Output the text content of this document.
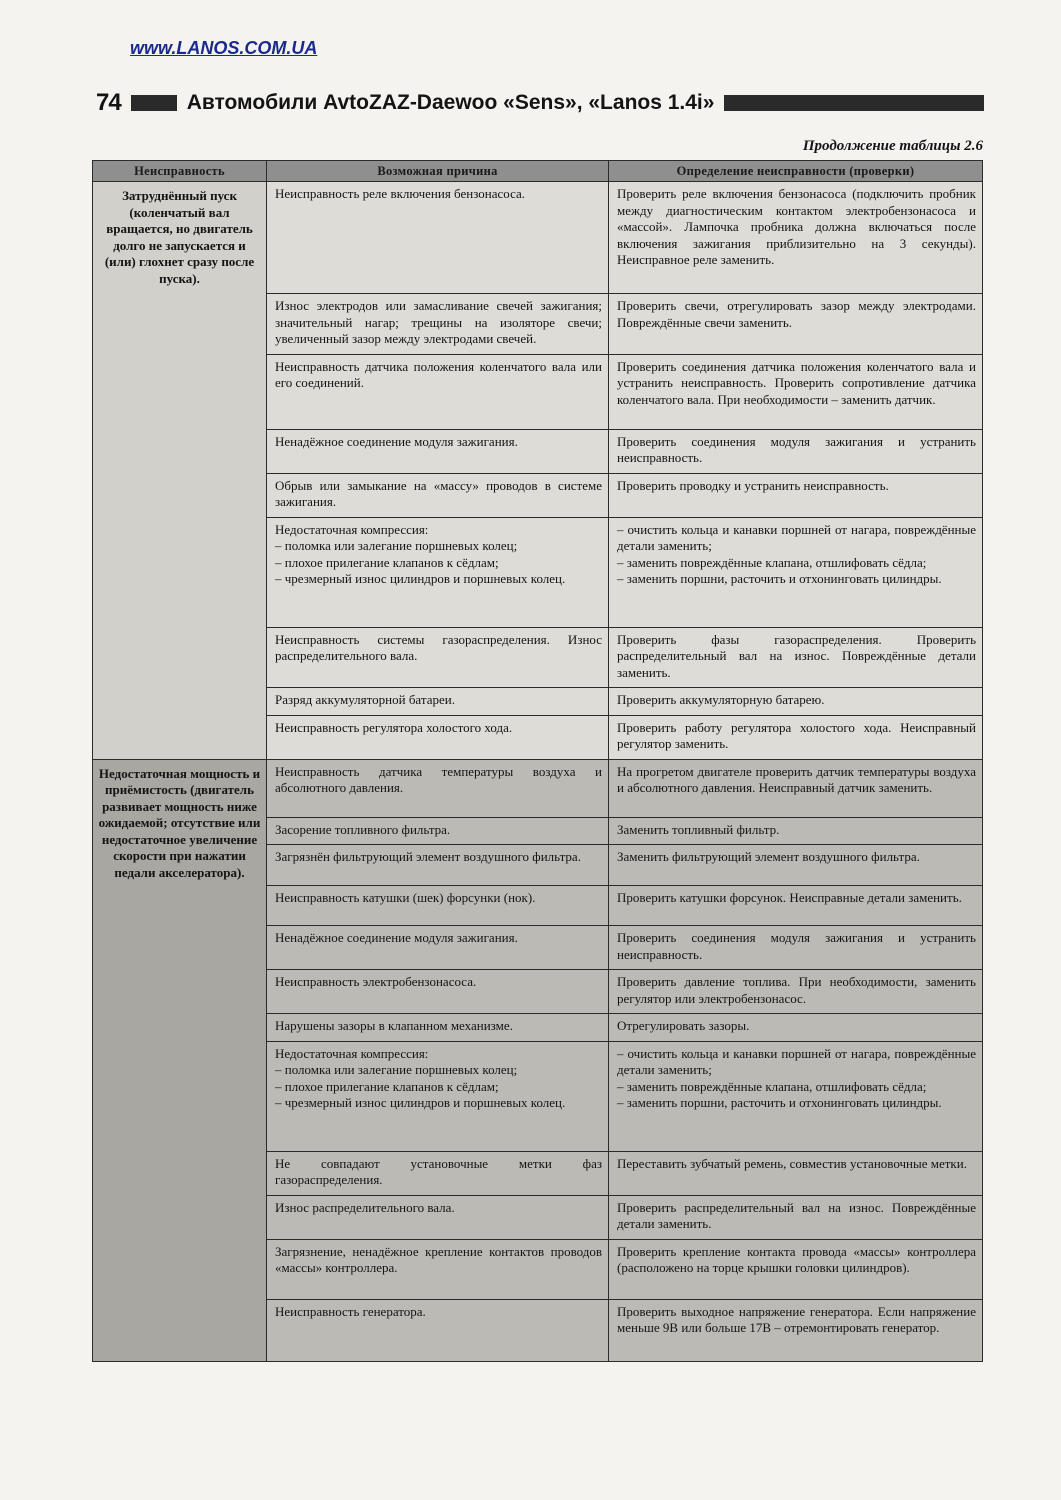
www.LANOS.COM.UA
74	Автомобили AvtoZAZ-Daewoo «Sens», «Lanos 1.4i»
Продолжение таблицы 2.6
Неисправность	Возможная причина	Определение неисправности (проверки)
Затруднённый пуск (коленчатый вал вращается, но двигатель долго не запускается и (или) глохнет сразу после пуска).	Неисправность реле включения бензонасоса.	Проверить реле включения бензонасоса (подключить пробник между диагностическим контактом электробензонасоса и «массой». Лампочка пробника должна включаться после включения зажигания приблизительно на 3 секунды). Неисправное реле заменить.

	Износ электродов или замасливание свечей зажигания; значительный нагар; трещины на изоляторе свечи; увеличенный зазор между электродами свечей.	Проверить свечи, отрегулировать зазор между электродами. Повреждённые свечи заменить.

	Неисправность датчика положения коленчатого вала или его соединений.	Проверить соединения датчика положения коленчатого вала и устранить неисправность. Проверить сопротивление датчика коленчатого вала. При необходимости – заменить датчик.

	Ненадёжное соединение модуля зажигания.	Проверить соединения модуля зажигания и устранить неисправность.

	Обрыв или замыкание на «массу» проводов в системе зажигания.	Проверить проводку и устранить неисправность.

	Недостаточная компрессия:
– поломка или залегание поршневых колец;
– плохое прилегание клапанов к сёдлам;
– чрезмерный износ цилиндров и поршневых колец.	– очистить кольца и канавки поршней от нагара, повреждённые детали заменить;
– заменить повреждённые клапана, отшлифовать сёдла;
– заменить поршни, расточить и отхонинговать цилиндры.

	Неисправность системы газораспределения. Износ распределительного вала.	Проверить фазы газораспределения. Проверить распределительный вал на износ. Повреждённые детали заменить.

	Разряд аккумуляторной батареи.	Проверить аккумуляторную батарею.

	Неисправность регулятора холостого хода.	Проверить работу регулятора холостого хода. Неисправный регулятор заменить.

Недостаточная мощность и приёмистость (двигатель развивает мощность ниже ожидаемой; отсутствие или недостаточное увеличение скорости при нажатии педали акселератора).	Неисправность датчика температуры воздуха и абсолютного давления.	На прогретом двигателе проверить датчик температуры воздуха и абсолютного давления. Неисправный датчик заменить.

	Засорение топливного фильтра.	Заменить топливный фильтр.

	Загрязнён фильтрующий элемент воздушного фильтра.	Заменить фильтрующий элемент воздушного фильтра.

	Неисправность катушки (шек) форсунки (нок).	Проверить катушки форсунок. Неисправные детали заменить.

	Ненадёжное соединение модуля зажигания.	Проверить соединения модуля зажигания и устранить неисправность.

	Неисправность электробензонасоса.	Проверить давление топлива. При необходимости, заменить регулятор или электробензонасос.

	Нарушены зазоры в клапанном механизме.	Отрегулировать зазоры.

	Недостаточная компрессия:
– поломка или залегание поршневых колец;
– плохое прилегание клапанов к сёдлам;
– чрезмерный износ цилиндров и поршневых колец.	– очистить кольца и канавки поршней от нагара, повреждённые детали заменить;
– заменить повреждённые клапана, отшлифовать сёдла;
– заменить поршни, расточить и отхонинговать цилиндры.

	Не совпадают установочные метки фаз газораспределения.	Переставить зубчатый ремень, совместив установочные метки.

	Износ распределительного вала.	Проверить распределительный вал на износ. Повреждённые детали заменить.

	Загрязнение, ненадёжное крепление контактов проводов «массы» контроллера.	Проверить крепление контакта провода «массы» контроллера (расположено на торце крышки головки цилиндров).

	Неисправность генератора.	Проверить выходное напряжение генератора. Если напряжение меньше 9В или больше 17В – отремонтировать генератор.
